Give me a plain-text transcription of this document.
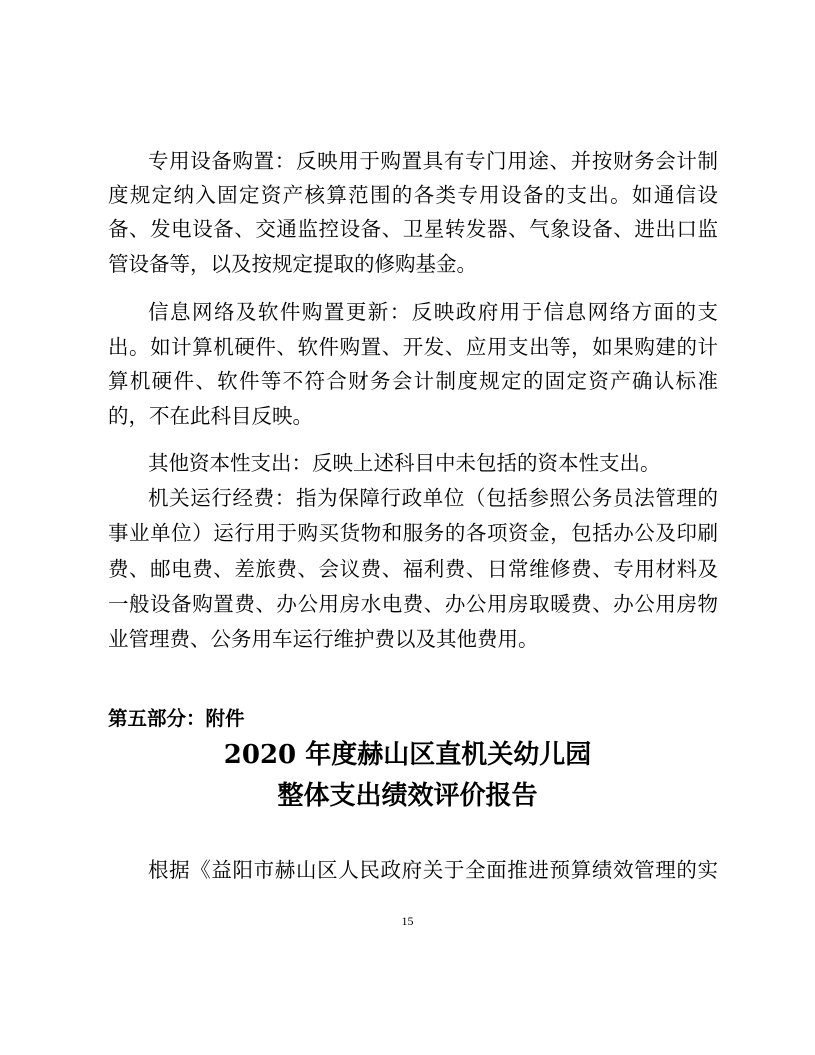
专用设备购置：反映用于购置具有专门用途、并按财务会计制
度规定纳入固定资产核算范围的各类专用设备的支出。如通信设
备、发电设备、交通监控设备、卫星转发器、气象设备、进出口监
管设备等，以及按规定提取的修购基金。
信息网络及软件购置更新：反映政府用于信息网络方面的支
出。如计算机硬件、软件购置、开发、应用支出等，如果购建的计
算机硬件、软件等不符合财务会计制度规定的固定资产确认标准
的，不在此科目反映。
其他资本性支出：反映上述科目中未包括的资本性支出。
机关运行经费：指为保障行政单位（包括参照公务员法管理的
事业单位）运行用于购买货物和服务的各项资金，包括办公及印刷
费、邮电费、差旅费、会议费、福利费、日常维修费、专用材料及
一般设备购置费、办公用房水电费、办公用房取暖费、办公用房物
业管理费、公务用车运行维护费以及其他费用。
第五部分：附件
2020 年度赫山区直机关幼儿园
整体支出绩效评价报告
根据《益阳市赫山区人民政府关于全面推进预算绩效管理的实
15
